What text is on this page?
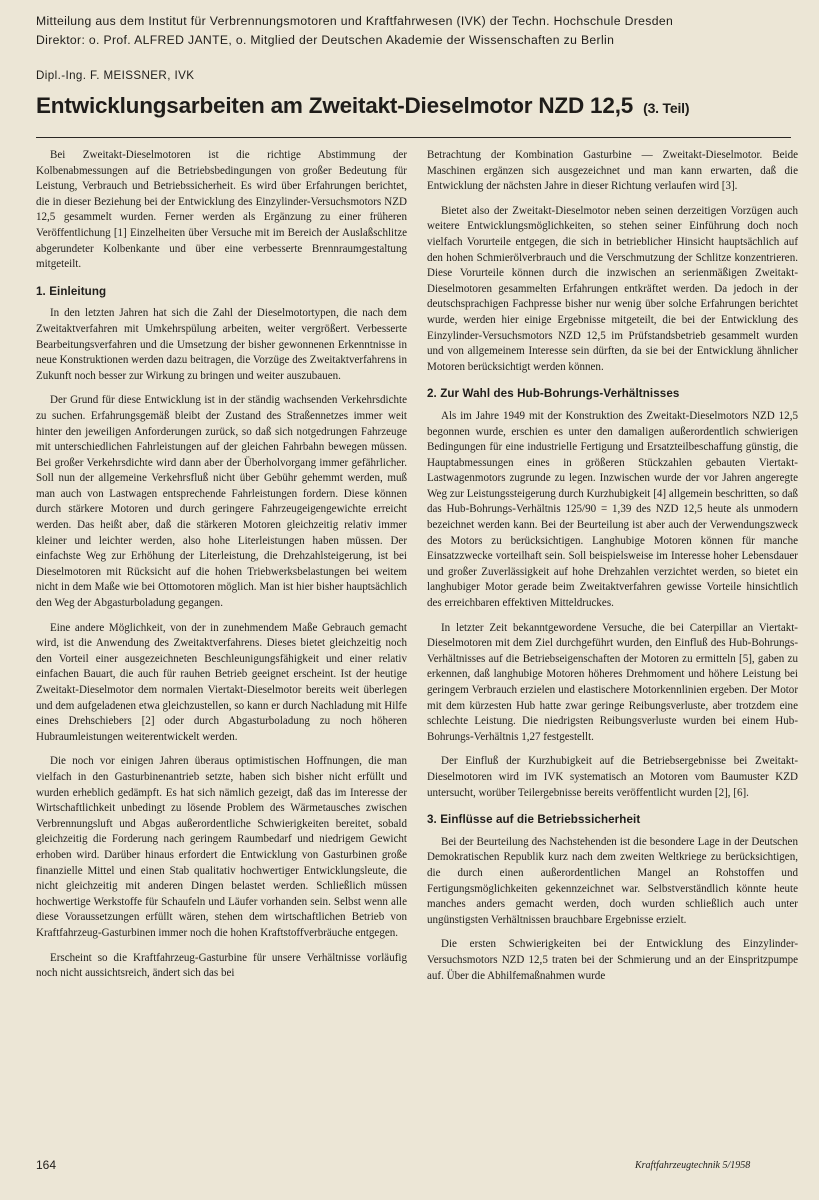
Mitteilung aus dem Institut für Verbrennungsmotoren und Kraftfahrwesen (IVK) der Techn. Hochschule Dresden
Direktor: o. Prof. ALFRED JANTE, o. Mitglied der Deutschen Akademie der Wissenschaften zu Berlin
Dipl.-Ing. F. MEISSNER, IVK
Entwicklungsarbeiten am Zweitakt-Dieselmotor NZD 12,5 (3. Teil)

Bei Zweitakt-Dieselmotoren ist die richtige Abstimmung der Kolbenabmessungen auf die Betriebsbedingungen von großer Bedeutung für Leistung, Verbrauch und Betriebssicherheit. Es wird über Erfahrungen berichtet, die in dieser Beziehung bei der Entwicklung des Einzylinder-Versuchsmotors NZD 12,5 gesammelt wurden. Ferner werden als Ergänzung zu einer früheren Veröffentlichung [1] Einzelheiten über Versuche mit im Bereich der Auslaßschlitze abgerundeter Kolbenkante und über eine verbesserte Brennraumgestaltung mitgeteilt.

1. Einleitung

In den letzten Jahren hat sich die Zahl der Dieselmotortypen, die nach dem Zweitaktverfahren mit Umkehrspülung arbeiten, weiter vergrößert. Verbesserte Bearbeitungsverfahren und die Umsetzung der bisher gewonnenen Erkenntnisse in neue Konstruktionen werden dazu beitragen, die Vorzüge des Zweitaktverfahrens in Zukunft noch besser zur Wirkung zu bringen und weiter auszubauen.

Der Grund für diese Entwicklung ist in der ständig wachsenden Verkehrsdichte zu suchen. Erfahrungsgemäß bleibt der Zustand des Straßennetzes immer weit hinter den jeweiligen Anforderungen zurück, so daß sich notgedrungen Fahrzeuge mit unterschiedlichen Fahrleistungen auf der gleichen Fahrbahn bewegen müssen. Bei großer Verkehrsdichte wird dann aber der Überholvorgang immer gefährlicher. Soll nun der allgemeine Verkehrsfluß nicht über Gebühr gehemmt werden, muß man auch von Lastwagen entsprechende Fahrleistungen fordern. Diese können durch stärkere Motoren und durch geringere Fahrzeugeigengewichte erreicht werden. Das heißt aber, daß die stärkeren Motoren gleichzeitig relativ immer kleiner und leichter werden, also hohe Literleistungen haben müssen. Der einfachste Weg zur Erhöhung der Literleistung, die Drehzahlsteigerung, ist bei Dieselmotoren mit Rücksicht auf die hohen Triebwerksbelastungen bei weitem nicht in dem Maße wie bei Ottomotoren möglich. Man ist hier bisher hauptsächlich den Weg der Abgasturboladung gegangen.

Eine andere Möglichkeit, von der in zunehmendem Maße Gebrauch gemacht wird, ist die Anwendung des Zweitaktverfahrens. Dieses bietet gleichzeitig noch den Vorteil einer ausgezeichneten Beschleunigungsfähigkeit und einer relativ einfachen Bauart, die auch für rauhen Betrieb geeignet erscheint. Ist der heutige Zweitakt-Dieselmotor dem normalen Viertakt-Dieselmotor bereits weit überlegen und dem aufgeladenen etwa gleichzustellen, so kann er durch Nachladung mit Hilfe eines Drehschiebers [2] oder durch Abgasturboladung zu noch höheren Hubraumleistungen weiterentwickelt werden.

Die noch vor einigen Jahren überaus optimistischen Hoffnungen, die man vielfach in den Gasturbinenantrieb setzte, haben sich bisher nicht erfüllt und wurden erheblich gedämpft. Es hat sich nämlich gezeigt, daß das im Interesse der Wirtschaftlichkeit unbedingt zu lösende Problem des Wärmetausches zwischen Verbrennungsluft und Abgas außerordentliche Schwierigkeiten bereitet, sobald gleichzeitig die Forderung nach geringem Raumbedarf und niedrigem Gewicht erhoben wird. Darüber hinaus erfordert die Entwicklung von Gasturbinen große finanzielle Mittel und einen Stab qualitativ hochwertiger Entwicklungsleute, die nicht gleichzeitig mit anderen Dingen belastet werden. Schließlich müssen hochwertige Werkstoffe für Schaufeln und Läufer vorhanden sein. Selbst wenn alle diese Voraussetzungen erfüllt wären, stehen dem wirtschaftlichen Betrieb von Kraftfahrzeug-Gasturbinen immer noch die hohen Kraftstoffverbräuche entgegen.

Erscheint so die Kraftfahrzeug-Gasturbine für unsere Verhältnisse vorläufig noch nicht aussichtsreich, ändert sich das bei

Betrachtung der Kombination Gasturbine — Zweitakt-Dieselmotor. Beide Maschinen ergänzen sich ausgezeichnet und man kann erwarten, daß die Entwicklung der nächsten Jahre in dieser Richtung verlaufen wird [3].

Bietet also der Zweitakt-Dieselmotor neben seinen derzeitigen Vorzügen auch weitere Entwicklungsmöglichkeiten, so stehen seiner Einführung doch noch vielfach Vorurteile entgegen, die sich in betrieblicher Hinsicht hauptsächlich auf den hohen Schmierölverbrauch und die Verschmutzung der Schlitze konzentrieren. Diese Vorurteile können durch die inzwischen an serienmäßigen Zweitakt-Dieselmotoren gesammelten Erfahrungen entkräftet werden. Da jedoch in der deutschsprachigen Fachpresse bisher nur wenig über solche Erfahrungen berichtet wurde, werden hier einige Ergebnisse mitgeteilt, die bei der Entwicklung des Einzylinder-Versuchsmotors NZD 12,5 im Prüfstandsbetrieb gesammelt wurden und von allgemeinem Interesse sein dürften, da sie bei der Entwicklung ähnlicher Motoren berücksichtigt werden können.

2. Zur Wahl des Hub-Bohrungs-Verhältnisses

Als im Jahre 1949 mit der Konstruktion des Zweitakt-Dieselmotors NZD 12,5 begonnen wurde, erschien es unter den damaligen außerordentlich schwierigen Bedingungen für eine industrielle Fertigung und Ersatzteilbeschaffung günstig, die Hauptabmessungen eines in größeren Stückzahlen gebauten Viertakt-Lastwagenmotors zugrunde zu legen. Inzwischen wurde der vor Jahren angeregte Weg zur Leistungssteigerung durch Kurzhubigkeit [4] allgemein beschritten, so daß das Hub-Bohrungs-Verhältnis 125/90 = 1,39 des NZD 12,5 heute als unmodern bezeichnet werden kann. Bei der Beurteilung ist aber auch der Verwendungszweck des Motors zu berücksichtigen. Langhubige Motoren können für manche Einsatzzwecke vorteilhaft sein. Soll beispielsweise im Interesse hoher Lebensdauer und großer Zuverlässigkeit auf hohe Drehzahlen verzichtet werden, so bietet ein langhubiger Motor gerade beim Zweitaktverfahren gewisse Vorteile hinsichtlich des erreichbaren effektiven Mitteldruckes.

In letzter Zeit bekanntgewordene Versuche, die bei Caterpillar an Viertakt-Dieselmotoren mit dem Ziel durchgeführt wurden, den Einfluß des Hub-Bohrungs-Verhältnisses auf die Betriebseigenschaften der Motoren zu ermitteln [5], gaben zu erkennen, daß langhubige Motoren höheres Drehmoment und höhere Leistung bei geringem Verbrauch erzielen und elastischere Motorkennlinien ergeben. Der Motor mit dem kürzesten Hub hatte zwar geringe Reibungsverluste, aber trotzdem eine schlechte Leistung. Die niedrigsten Reibungsverluste wurden bei einem Hub-Bohrungs-Verhältnis 1,27 festgestellt.

Der Einfluß der Kurzhubigkeit auf die Betriebsergebnisse bei Zweitakt-Dieselmotoren wird im IVK systematisch an Motoren vom Baumuster KZD untersucht, worüber Teilergebnisse bereits veröffentlicht wurden [2], [6].

3. Einflüsse auf die Betriebssicherheit

Bei der Beurteilung des Nachstehenden ist die besondere Lage in der Deutschen Demokratischen Republik kurz nach dem zweiten Weltkriege zu berücksichtigen, die durch einen außerordentlichen Mangel an Rohstoffen und Fertigungsmöglichkeiten gekennzeichnet war. Selbstverständlich könnte heute manches anders gemacht werden, doch wurden schließlich auch unter ungünstigsten Verhältnissen brauchbare Ergebnisse erzielt.

Die ersten Schwierigkeiten bei der Entwicklung des Einzylinder-Versuchsmotors NZD 12,5 traten bei der Schmierung und an der Einspritzpumpe auf. Über die Abhilfemaßnahmen wurde

164	Kraftfahrzeugtechnik 5/1958
